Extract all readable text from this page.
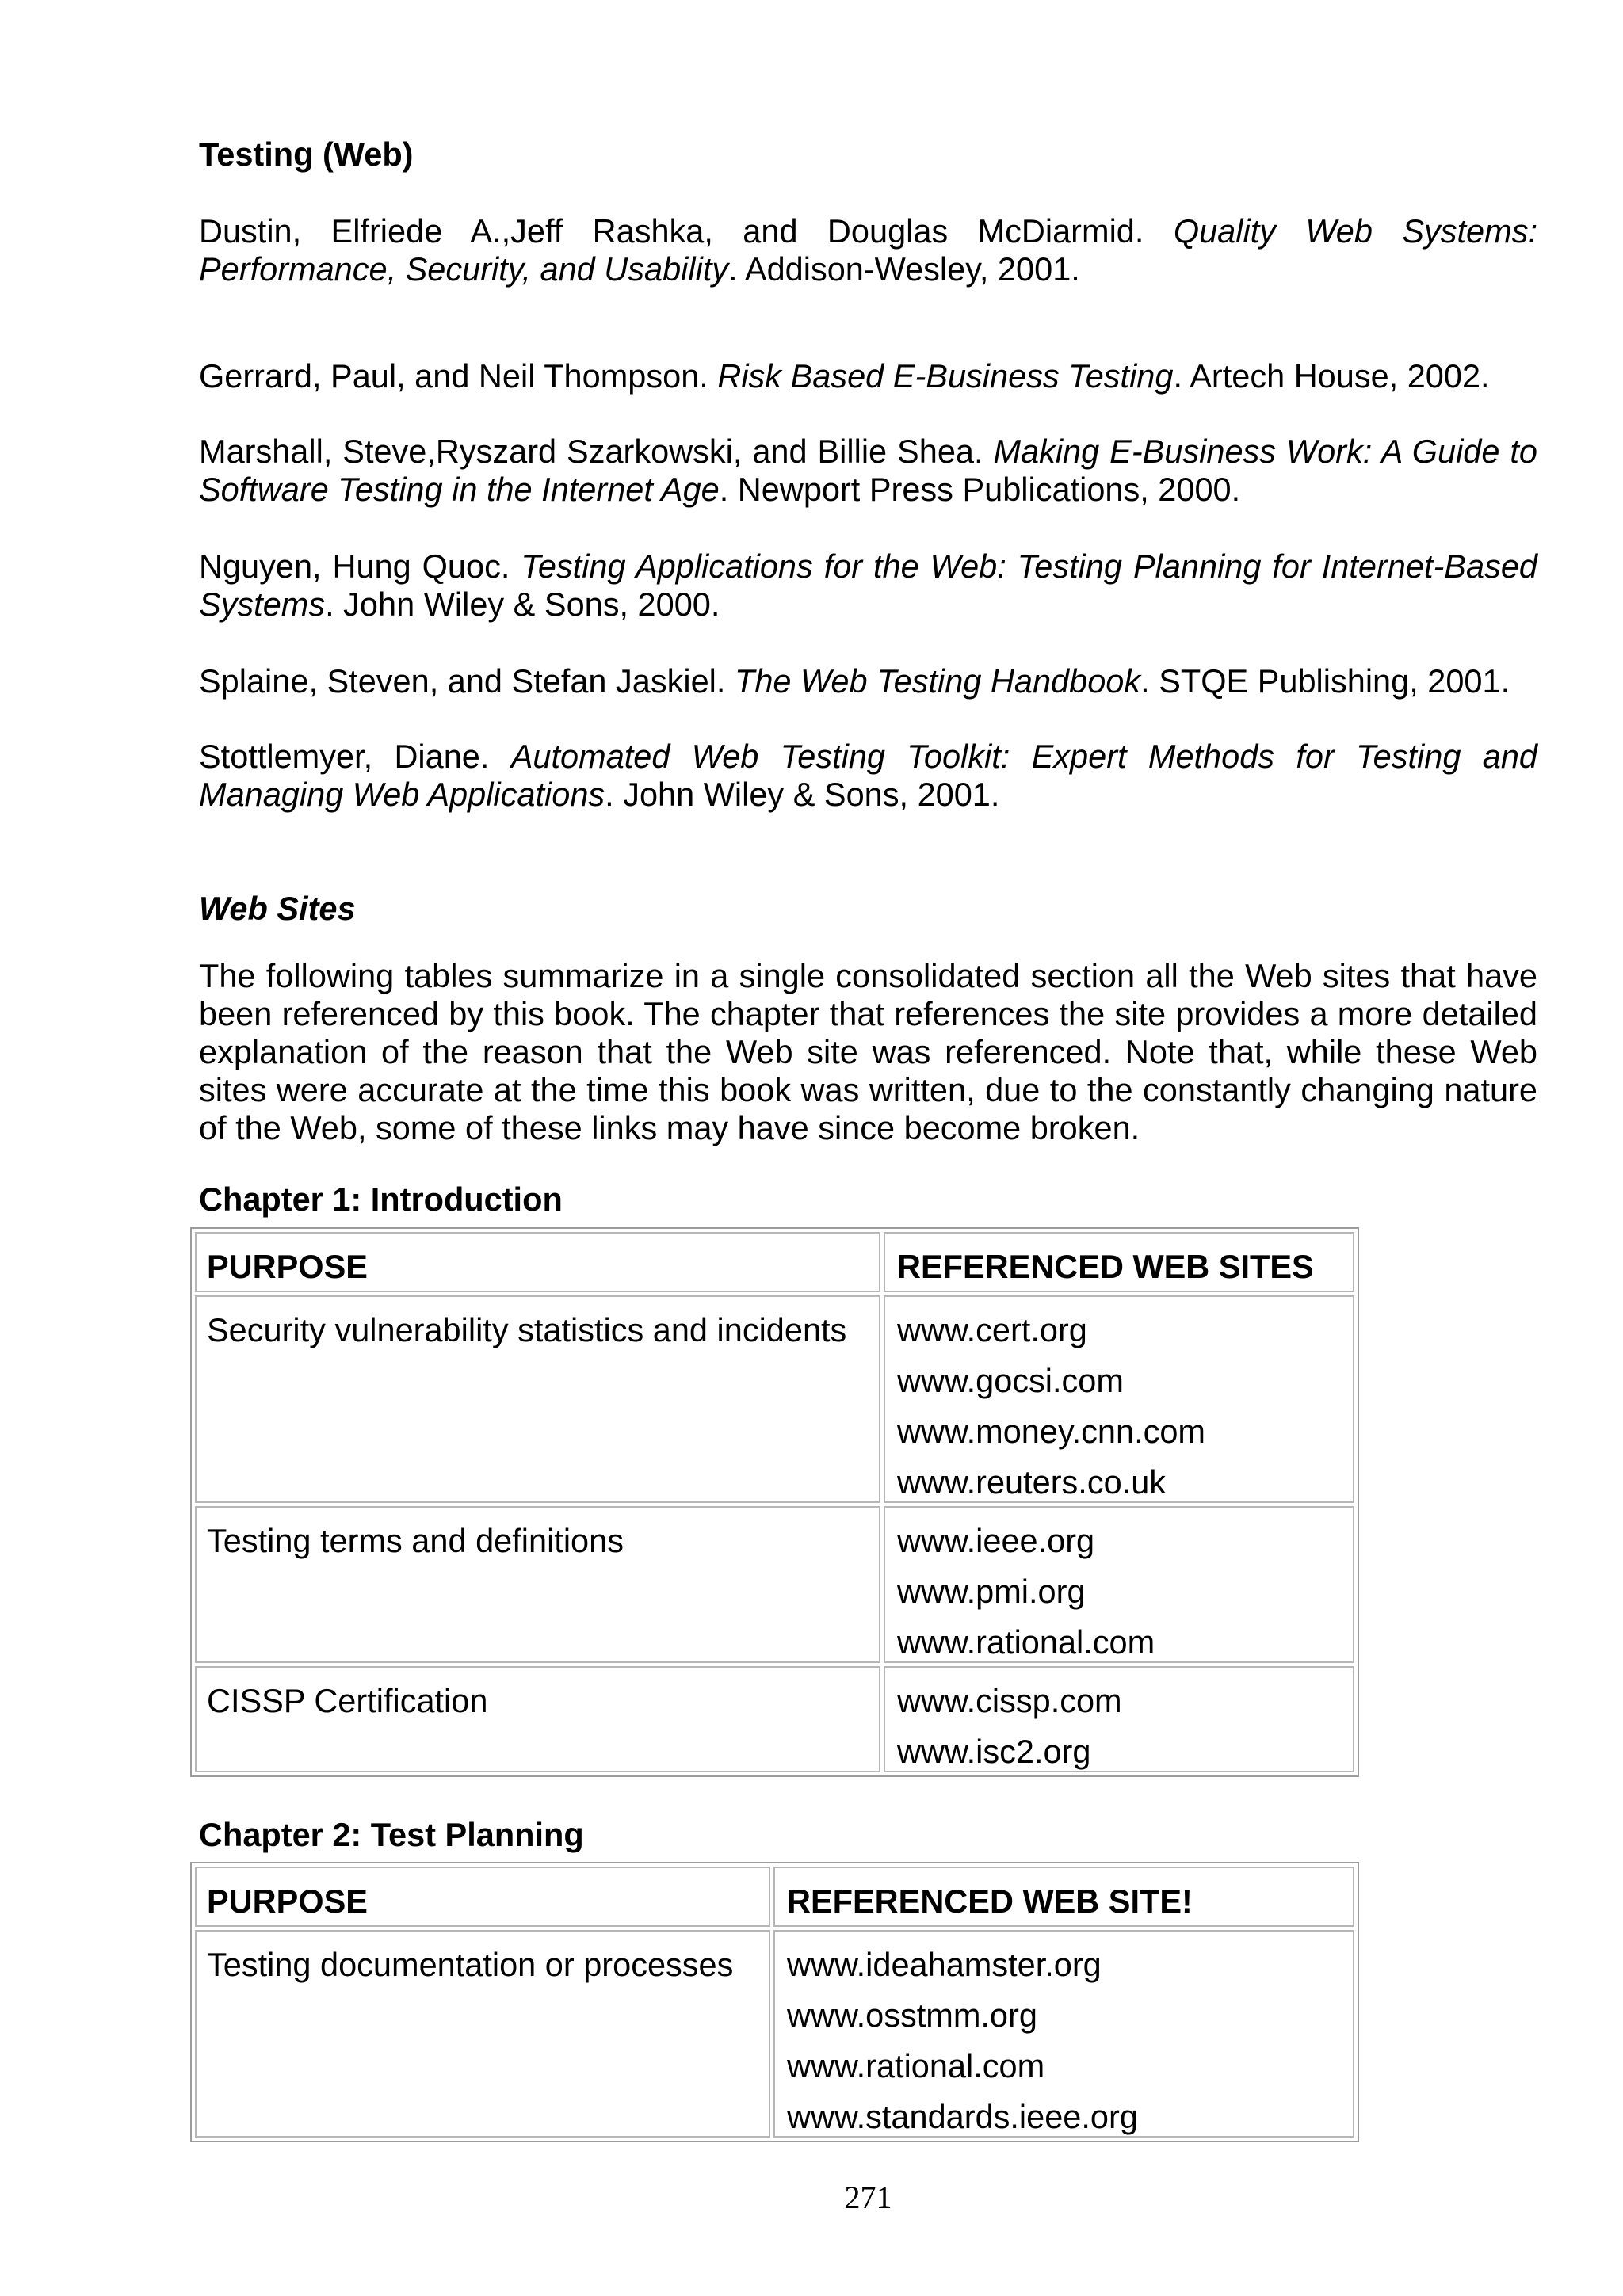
Testing (Web)
Dustin, Elfriede A.,Jeff Rashka, and Douglas McDiarmid. Quality Web Systems:
Performance, Security, and Usability. Addison-Wesley, 2001.
Gerrard, Paul, and Neil Thompson. Risk Based E-Business Testing. Artech House, 2002.
Marshall, Steve,Ryszard Szarkowski, and Billie Shea. Making E-Business Work: A Guide to
Software Testing in the Internet Age. Newport Press Publications, 2000.
Nguyen, Hung Quoc. Testing Applications for the Web: Testing Planning for Internet-Based
Systems. John Wiley & Sons, 2000.
Splaine, Steven, and Stefan Jaskiel. The Web Testing Handbook. STQE Publishing, 2001.
Stottlemyer, Diane. Automated Web Testing Toolkit: Expert Methods for Testing and
Managing Web Applications. John Wiley & Sons, 2001.
Web Sites
The following tables summarize in a single consolidated section all the Web sites that have
been referenced by this book. The chapter that references the site provides a more detailed
explanation of the reason that the Web site was referenced. Note that, while these Web
sites were accurate at the time this book was written, due to the constantly changing nature
of the Web, some of these links may have since become broken.
Chapter 1: Introduction
PURPOSE	REFERENCED WEB SITES

Security vulnerability statistics and incidents	www.cert.org
www.gocsi.com
www.money.cnn.com
www.reuters.co.uk

Testing terms and definitions	www.ieee.org
www.pmi.org
www.rational.com

CISSP Certification	www.cissp.com
www.isc2.org
Chapter 2: Test Planning
PURPOSE	REFERENCED WEB SITE!

Testing documentation or processes	www.ideahamster.org
www.osstmm.org
www.rational.com
www.standards.ieee.org
271
